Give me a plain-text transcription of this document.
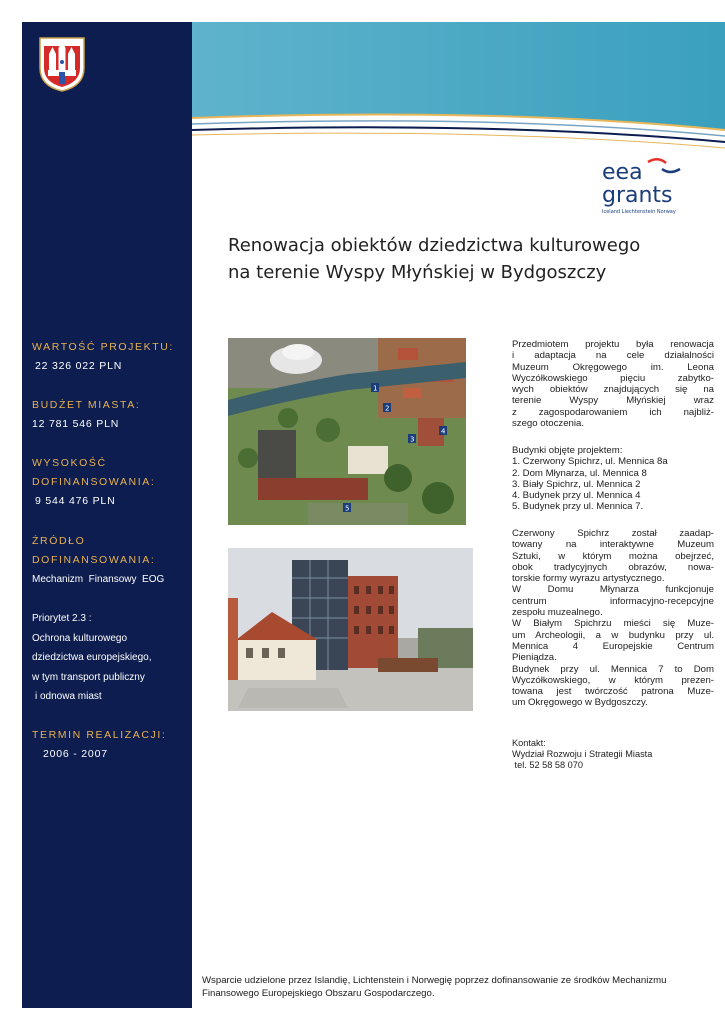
WARTOŚĆ PROJEKTU:
22 326 022 PLN
BUDŻET MIASTA:
12 781 546 PLN
WYSOKOŚĆ
DOFINANSOWANIA:
9 544 476 PLN
ŹRÓDŁO
DOFINANSOWANIA:
Mechanizm  Finansowy  EOG
Priorytet 2.3 :
Ochrona kulturowego
dziedzictwa europejskiego,
w tym transport publiczny
i odnowa miast
TERMIN REALIZACJI:
2006 - 2007
eea
grants
Iceland Liechtenstein Norway
Renowacja obiektów dziedzictwa kulturowego
na terenie Wyspy Młyńskiej w Bydgoszczy
1
2
3
4
5
Przedmiotem projektu była renowacja
i  adaptacja  na  cele  działalności
Muzeum  Okręgowego  im.  Leona
Wyczółkowskiego  pięciu  zabytko-
wych  obiektów  znajdujących  się  na
terenie      Wyspy      Młyńskiej      wraz
z  zagospodarowaniem  ich  najbliż-
szego otoczenia.
Budynki objęte projektem:
1. Czerwony Spichrz, ul. Mennica 8a
2. Dom Młynarza, ul. Mennica 8
3. Biały Spichrz, ul. Mennica 2
4. Budynek przy ul. Mennica 4
5. Budynek przy ul. Mennica 7.
Czerwony  Spichrz  został  zaadap-
towany  na  interaktywne  Muzeum
Sztuki,  w  którym  można  obejrzeć,
obok  tradycyjnych  obrazów,  nowa-
torskie formy wyrazu artystycznego.
W      Domu      Młynarza      funkcjonuje
centrum        informacyjno-recepcyjne
zespołu muzealnego.
W Białym Spichrzu mieści się Muze-
um  Archeologii,  a  w  budynku  przy  ul.
Mennica  4  Europejskie  Centrum
Pieniądza.
Budynek  przy  ul.  Mennica  7  to  Dom
Wyczółkowskiego,  w  którym  prezen-
towana  jest  twórczość  patrona  Muze-
um Okręgowego w Bydgoszczy.
Kontakt:
Wydział Rozwoju i Strategii Miasta
tel. 52 58 58 070
Wsparcie udzielone przez Islandię, Lichtenstein i Norwegię poprzez dofinansowanie ze środków Mechanizmu
Finansowego Europejskiego Obszaru Gospodarczego.
